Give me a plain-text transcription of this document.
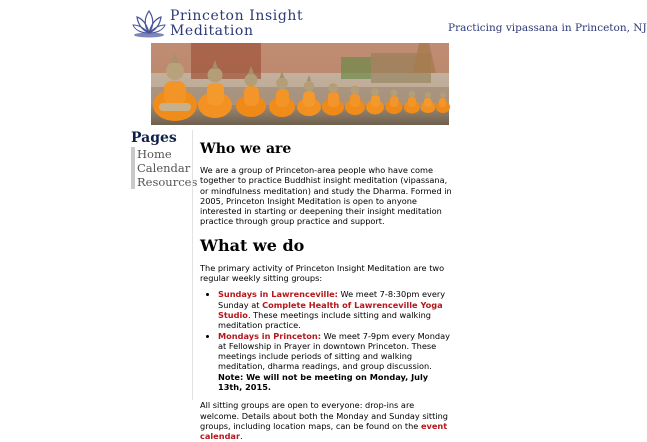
Princeton Insight
Meditation	Practicing vipassana in Princeton, NJ
Pages
Home
Calendar
Resources
Who we are

We are a group of Princeton-area people who have come together to practice Buddhist insight meditation (vipassana, or mindfulness meditation) and study the Dharma. Formed in 2005, Princeton Insight Meditation is open to anyone interested in starting or deepening their insight meditation practice through group practice and support.

What we do

The primary activity of Princeton Insight Meditation are two regular weekly sitting groups:

• Sundays in Lawrenceville: We meet 7-8:30pm every Sunday at Complete Health of Lawrenceville Yoga Studio. These meetings include sitting and walking meditation practice.
• Mondays in Princeton: We meet 7-9pm every Monday at Fellowship in Prayer in downtown Princeton. These meetings include periods of sitting and walking meditation, dharma readings, and group discussion. Note: We will not be meeting on Monday, July 13th, 2015.

All sitting groups are open to everyone: drop-ins are welcome. Details about both the Monday and Sunday sitting groups, including location maps, can be found on the event calendar.
